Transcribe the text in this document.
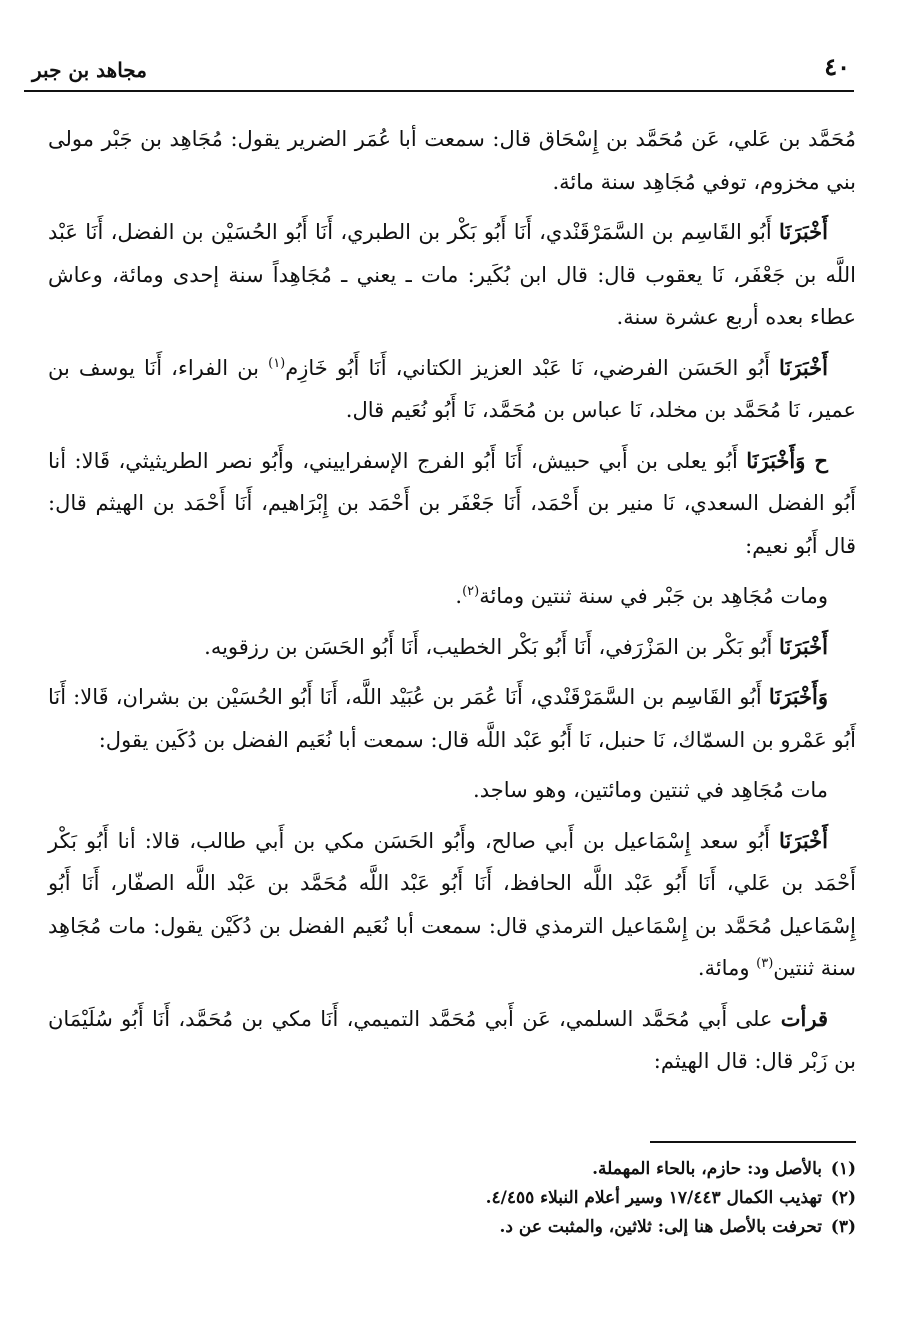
٤٠
مجاهد بن جبر

مُحَمَّد بن عَلي، عَن مُحَمَّد بن إِسْحَاق قال: سمعت أبا عُمَر الضرير يقول: مُجَاهِد بن جَبْر مولى بني مخزوم، توفي مُجَاهِد سنة مائة.

أَخْبَرَنَا أَبُو القَاسِم بن السَّمَرْقَنْدي، أَنَا أَبُو بَكْر بن الطبري، أَنَا أَبُو الحُسَيْن بن الفضل، أَنَا عَبْد اللَّه بن جَعْفَر، نَا يعقوب قال: قال ابن بُكَير: مات ـ يعني ـ مُجَاهِداً سنة إحدى ومائة، وعاش عطاء بعده أربع عشرة سنة.

أَخْبَرَنَا أَبُو الحَسَن الفرضي، نَا عَبْد العزيز الكتاني، أَنَا أَبُو خَازِم$^{(١)}$ بن الفراء، أَنَا يوسف بن عمير، نَا مُحَمَّد بن مخلد، نَا عباس بن مُحَمَّد، نَا أَبُو نُعَيم قال.

ح وَأَخْبَرَنَا أَبُو يعلى بن أَبي حبيش، أَنَا أَبُو الفرج الإسفراييني، وأَبُو نصر الطريثيثي، قَالا: أنا أَبُو الفضل السعدي، نَا منير بن أَحْمَد، أَنَا جَعْفَر بن أَحْمَد بن إِبْرَاهيم، أَنَا أَحْمَد بن الهيثم قال: قال أَبُو نعيم:

ومات مُجَاهِد بن جَبْر في سنة ثنتين ومائة$^{(٢)}$.

أَخْبَرَنَا أَبُو بَكْر بن المَزْرَفي، أَنَا أَبُو بَكْر الخطيب، أَنَا أَبُو الحَسَن بن رزقويه.

وَأَخْبَرَنَا أَبُو القَاسِم بن السَّمَرْقَنْدي، أَنَا عُمَر بن عُبَيْد اللَّه، أَنَا أَبُو الحُسَيْن بن بشران، قَالا: أَنَا أَبُو عَمْرو بن السمّاك، نَا حنبل، نَا أَبُو عَبْد اللَّه قال: سمعت أبا نُعَيم الفضل بن دُكَين يقول:

مات مُجَاهِد في ثنتين ومائتين، وهو ساجد.

أَخْبَرَنَا أَبُو سعد إِسْمَاعيل بن أَبي صالح، وأَبُو الحَسَن مكي بن أَبي طالب، قالا: أنا أَبُو بَكْر أَحْمَد بن عَلي، أَنَا أَبُو عَبْد اللَّه الحافظ، أَنَا أَبُو عَبْد اللَّه مُحَمَّد بن عَبْد اللَّه الصفّار، أَنَا أَبُو إِسْمَاعيل مُحَمَّد بن إِسْمَاعيل الترمذي قال: سمعت أبا نُعَيم الفضل بن دُكَيْن يقول: مات مُجَاهِد سنة ثنتين$^{(٣)}$ ومائة.

قرأت على أَبي مُحَمَّد السلمي، عَن أَبي مُحَمَّد التميمي، أَنَا مكي بن مُحَمَّد، أَنَا أَبُو سُلَيْمَان بن زَبْر قال: قال الهيثم:

(١)بالأصل ود: حازم، بالحاء المهملة.
(٢)تهذيب الكمال ١٧/٤٤٣ وسير أعلام النبلاء ٤/٤٥٥.
(٣)تحرفت بالأصل هنا إلى: ثلاثين، والمثبت عن د.
